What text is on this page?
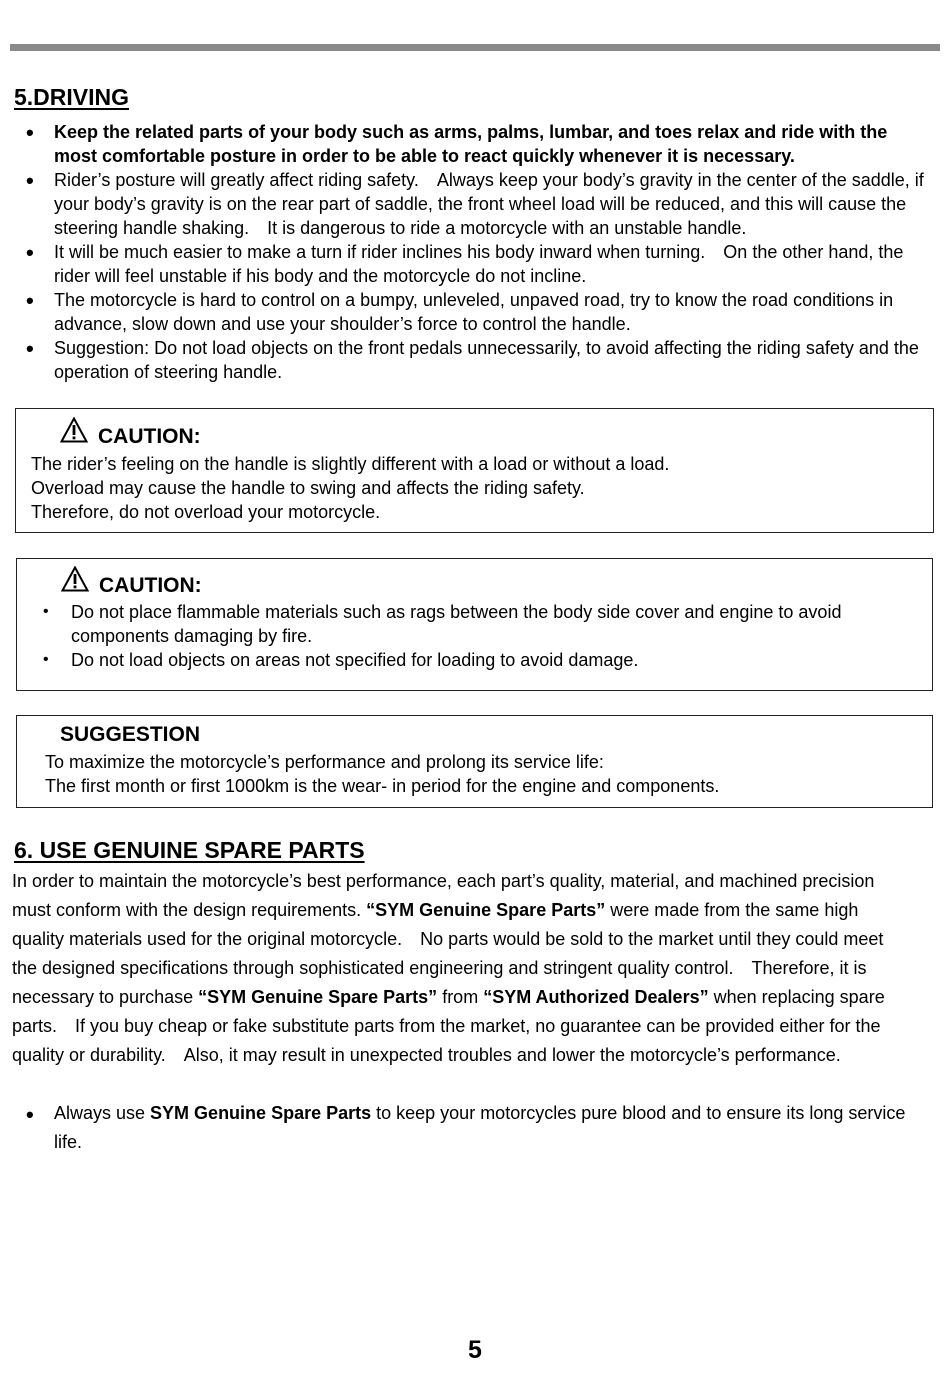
5.DRIVING
• Keep the related parts of your body such as arms, palms, lumbar, and toes relax and ride with the most comfortable posture in order to be able to react quickly whenever it is necessary.
• Rider’s posture will greatly affect riding safety.　Always keep your body’s gravity in the center of the saddle, if your body’s gravity is on the rear part of saddle, the front wheel load will be reduced, and this will cause the steering handle shaking.　It is dangerous to ride a motorcycle with an unstable handle.
• It will be much easier to make a turn if rider inclines his body inward when turning.　On the other hand, the rider will feel unstable if his body and the motorcycle do not incline.
• The motorcycle is hard to control on a bumpy, unleveled, unpaved road, try to know the road conditions in advance, slow down and use your shoulder’s force to control the handle.
• Suggestion: Do not load objects on the front pedals unnecessarily, to avoid affecting the riding safety and the operation of steering handle.
CAUTION:
The rider’s feeling on the handle is slightly different with a load or without a load.
Overload may cause the handle to swing and affects the riding safety.
Therefore, do not overload your motorcycle.
CAUTION:
• Do not place flammable materials such as rags between the body side cover and engine to avoid components damaging by fire.
• Do not load objects on areas not specified for loading to avoid damage.
SUGGESTION
To maximize the motorcycle’s performance and prolong its service life:
The first month or first 1000km is the wear- in period for the engine and components.
6. USE GENUINE SPARE PARTS

In order to maintain the motorcycle’s best performance, each part’s quality, material, and machined precision must conform with the design requirements. “SYM Genuine Spare Parts” were made from the same high quality materials used for the original motorcycle.　No parts would be sold to the market until they could meet the designed specifications through sophisticated engineering and stringent quality control.　Therefore, it is necessary to purchase “SYM Genuine Spare Parts” from “SYM Authorized Dealers” when replacing spare parts.　If you buy cheap or fake substitute parts from the market, no guarantee can be provided either for the quality or durability.　Also, it may result in unexpected troubles and lower the motorcycle’s performance.

• Always use SYM Genuine Spare Parts to keep your motorcycles pure blood and to ensure its long service life.
5
